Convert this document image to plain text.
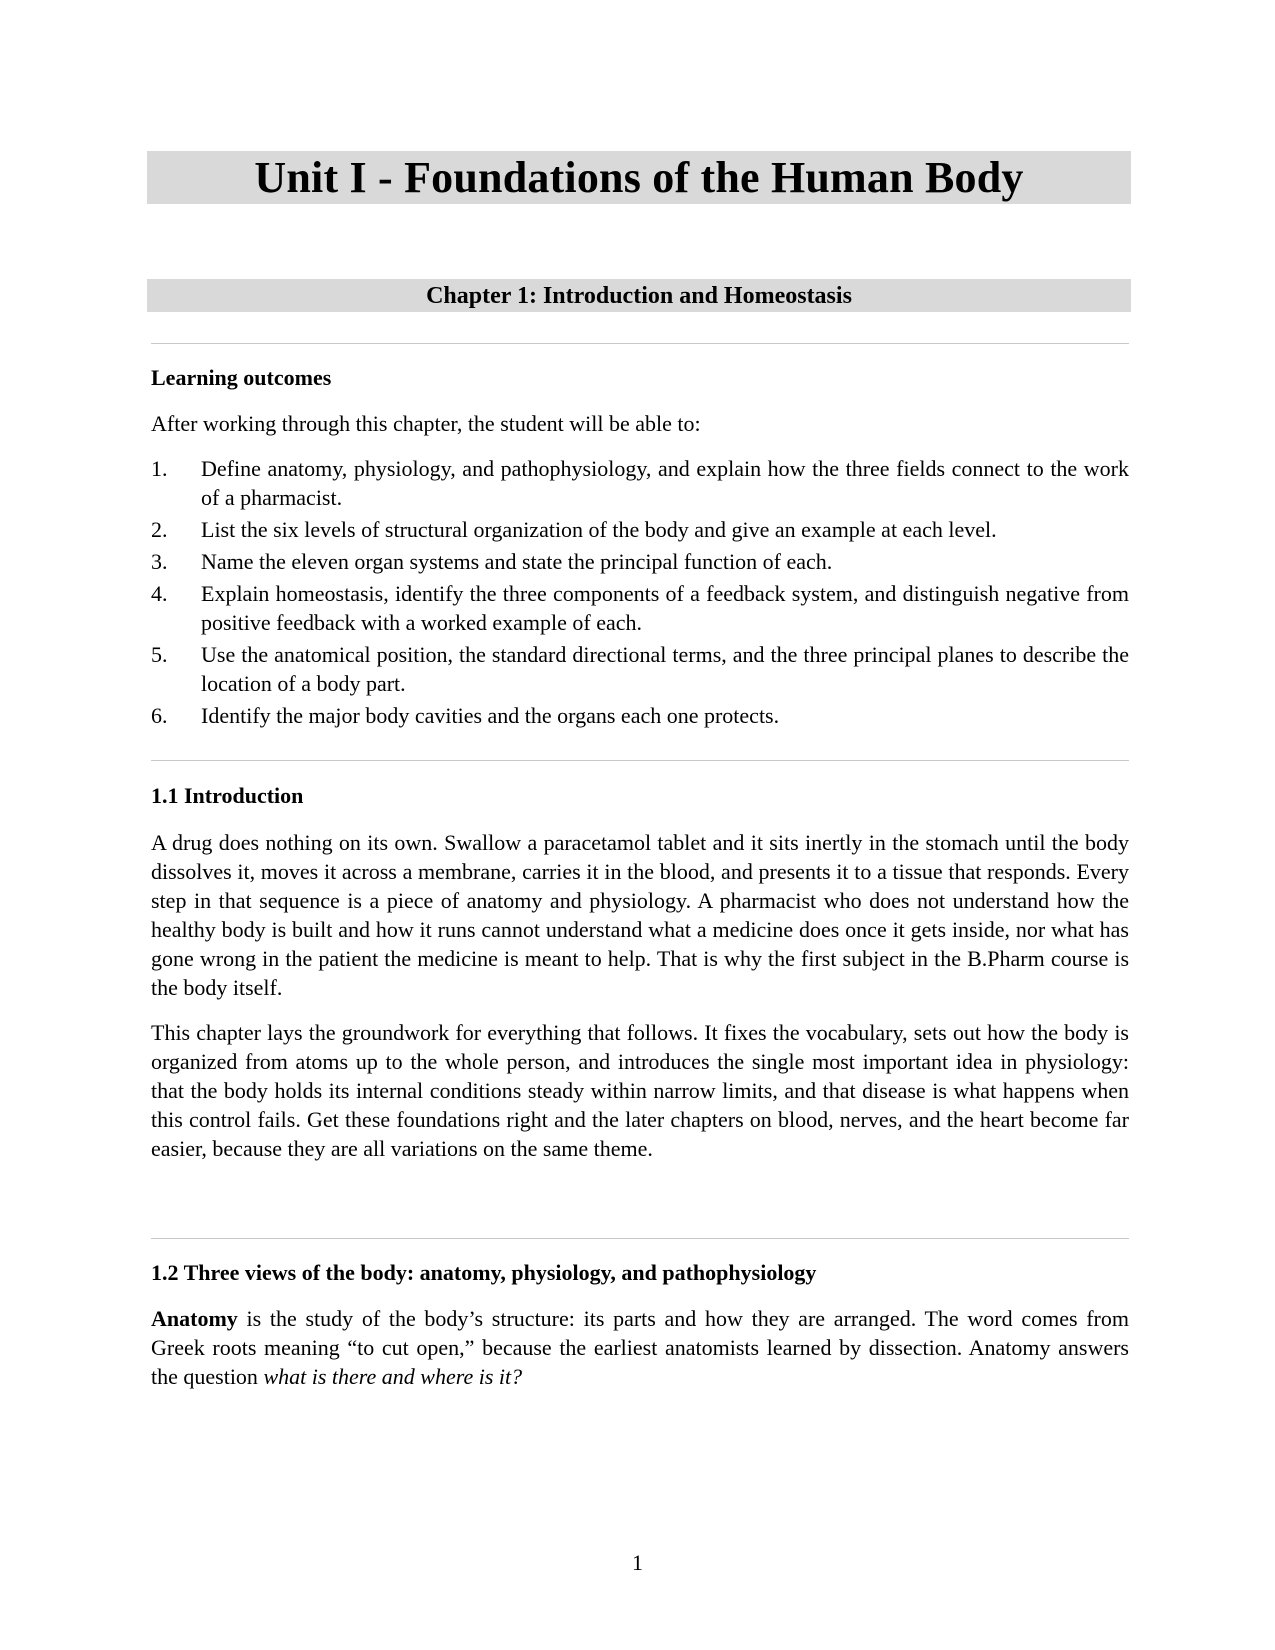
Unit I - Foundations of the Human Body
Chapter 1: Introduction and Homeostasis
Learning outcomes

After working through this chapter, the student will be able to:

1. Define anatomy, physiology, and pathophysiology, and explain how the three fields connect to the work of a pharmacist.
2. List the six levels of structural organization of the body and give an example at each level.
3. Name the eleven organ systems and state the principal function of each.
4. Explain homeostasis, identify the three components of a feedback system, and distinguish negative from positive feedback with a worked example of each.
5. Use the anatomical position, the standard directional terms, and the three principal planes to describe the location of a body part.
6. Identify the major body cavities and the organs each one protects.
1.1 Introduction

A drug does nothing on its own. Swallow a paracetamol tablet and it sits inertly in the stomach until the body dissolves it, moves it across a membrane, carries it in the blood, and presents it to a tissue that responds. Every step in that sequence is a piece of anatomy and physiology. A pharmacist who does not understand how the healthy body is built and how it runs cannot understand what a medicine does once it gets inside, nor what has gone wrong in the patient the medicine is meant to help. That is why the first subject in the B.Pharm course is the body itself.

This chapter lays the groundwork for everything that follows. It fixes the vocabulary, sets out how the body is organized from atoms up to the whole person, and introduces the single most important idea in physiology: that the body holds its internal conditions steady within narrow limits, and that disease is what happens when this control fails. Get these foundations right and the later chapters on blood, nerves, and the heart become far easier, because they are all variations on the same theme.

1.2 Three views of the body: anatomy, physiology, and pathophysiology

Anatomy is the study of the body’s structure: its parts and how they are arranged. The word comes from Greek roots meaning “to cut open,” because the earliest anatomists learned by dissection. Anatomy answers the question what is there and where is it?

1
